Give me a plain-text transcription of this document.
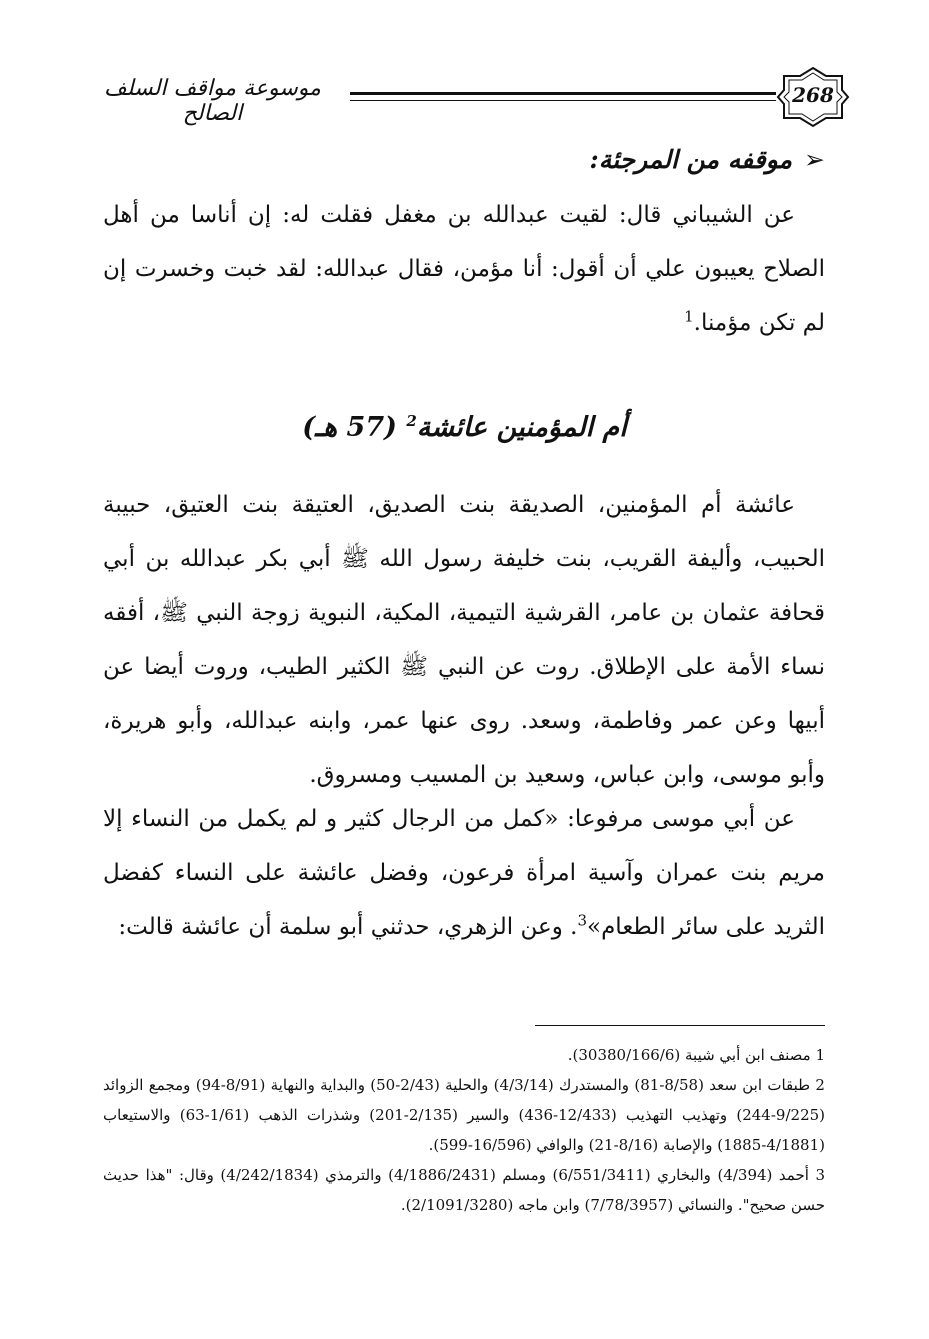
268
موسوعة مواقف السلف الصالح
➢موقفه من المرجئة:
عن الشيباني قال: لقيت عبدالله بن مغفل فقلت له: إن أناسا من أهل الصلاح يعيبون علي أن أقول: أنا مؤمن، فقال عبدالله: لقد خبت وخسرت إن لم تكن مؤمنا.$^1$
أم المؤمنين عائشة$^2$ (57 هـ)
عائشة أم المؤمنين، الصديقة بنت الصديق، العتيقة بنت العتيق، حبيبة الحبيب، وأليفة القريب، بنت خليفة رسول الله ﷺ أبي بكر عبدالله بن أبي قحافة عثمان بن عامر، القرشية التيمية، المكية، النبوية زوجة النبي ﷺ، أفقه نساء الأمة على الإطلاق. روت عن النبي ﷺ الكثير الطيب، وروت أيضا عن أبيها وعن عمر وفاطمة، وسعد. روى عنها عمر، وابنه عبدالله، وأبو هريرة، وأبو موسى، وابن عباس، وسعيد بن المسيب ومسروق.
عن أبي موسى مرفوعا: «كمل من الرجال كثير و لم يكمل من النساء إلا مريم بنت عمران وآسية امرأة فرعون، وفضل عائشة على النساء كفضل الثريد على سائر الطعام»$^3$. وعن الزهري، حدثني أبو سلمة أن عائشة قالت:
1 مصنف ابن أبي شيبة (30380/166/6).
2 طبقات ابن سعد (8/58-81) والمستدرك (4/3/14) والحلية (2/43-50) والبداية والنهاية (8/91-94) ومجمع الزوائد (9/225-244) وتهذيب التهذيب (12/433-436) والسير (2/135-201) وشذرات الذهب (1/61-63) والاستيعاب (4/1881-1885) والإصابة (8/16-21) والوافي (16/596-599).
3 أحمد (4/394) والبخاري (6/551/3411) ومسلم (4/1886/2431) والترمذي (4/242/1834) وقال: "هذا حديث حسن صحيح". والنسائي (7/78/3957) وابن ماجه (2/1091/3280).
